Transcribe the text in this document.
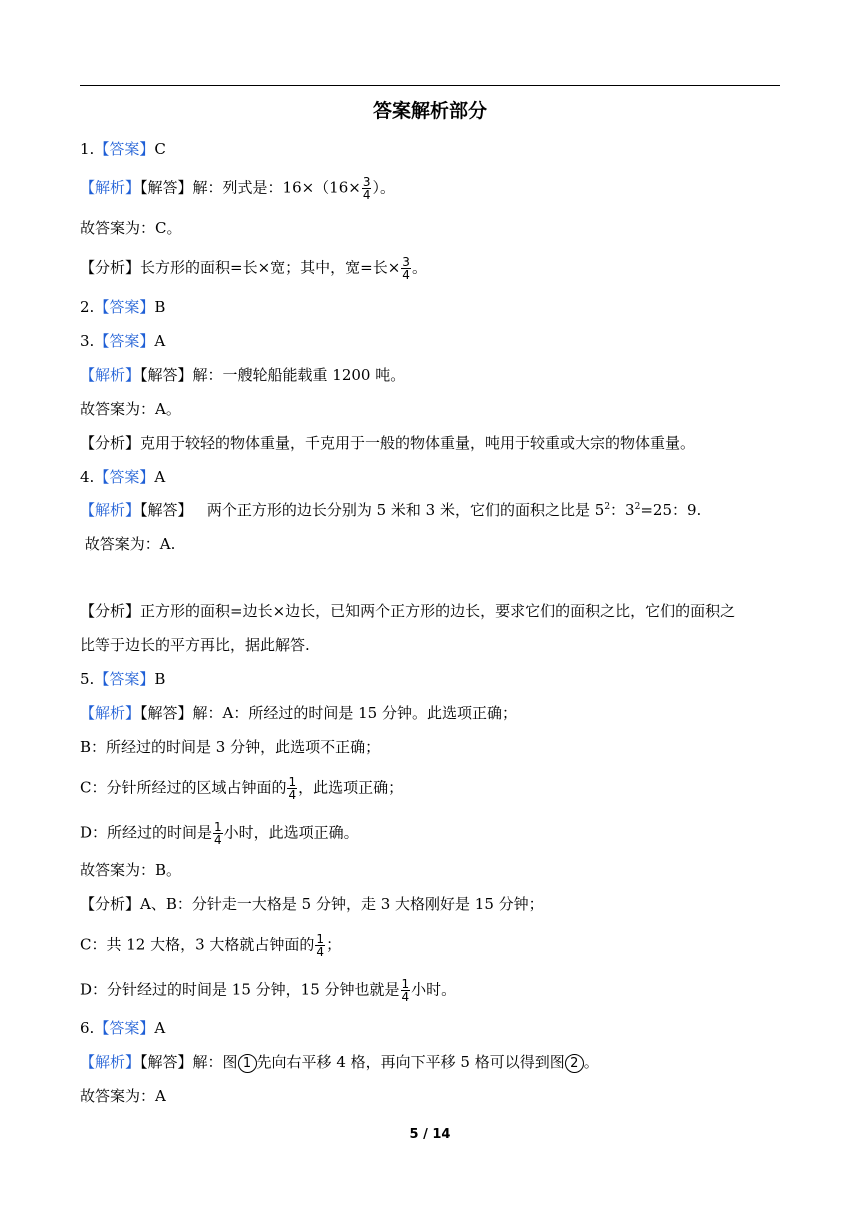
答案解析部分
1.【答案】C
【解析】【解答】解：列式是：$16\times(16\times \frac{3}{4}$ ）。
故答案为：C。
【分析】长方形的面积=长×宽；其中，宽=长× $\frac{3}{4}$ 。
2.【答案】B
3.【答案】A
【解析】【解答】解：一艘轮船能载重 1200 吨。
故答案为：A。
【分析】克用于较轻的物体重量，千克用于一般的物体重量，吨用于较重或大宗的物体重量。
4.【答案】A
【解析】【解答】   两个正方形的边长分别为 5 米和 3 米，它们的面积之比是 $5^2$：$3^2=25$：9.
故答案为：A.
【分析】正方形的面积=边长×边长，已知两个正方形的边长，要求它们的面积之比，它们的面积之
比等于边长的平方再比，据此解答.
5.【答案】B
【解析】【解答】解：A：所经过的时间是 15 分钟。此选项正确；
B：所经过的时间是 3 分钟，此选项不正确；
C：分针所经过的区域占钟面的 $\frac{1}{4}$ ，此选项正确；
D：所经过的时间是 $\frac{1}{4}$ 小时，此选项正确。
故答案为：B。
【分析】A、B：分针走一大格是 5 分钟，走 3 大格刚好是 15 分钟；
C：共 12 大格，3 大格就占钟面的 $\frac{1}{4}$ ；
D：分针经过的时间是 15 分钟，15 分钟也就是 $\frac{1}{4}$ 小时。
6.【答案】A
【解析】【解答】解：图 1 先向右平移 4 格，再向下平移 5 格可以得到图 2 。
故答案为：A
5 / 14
